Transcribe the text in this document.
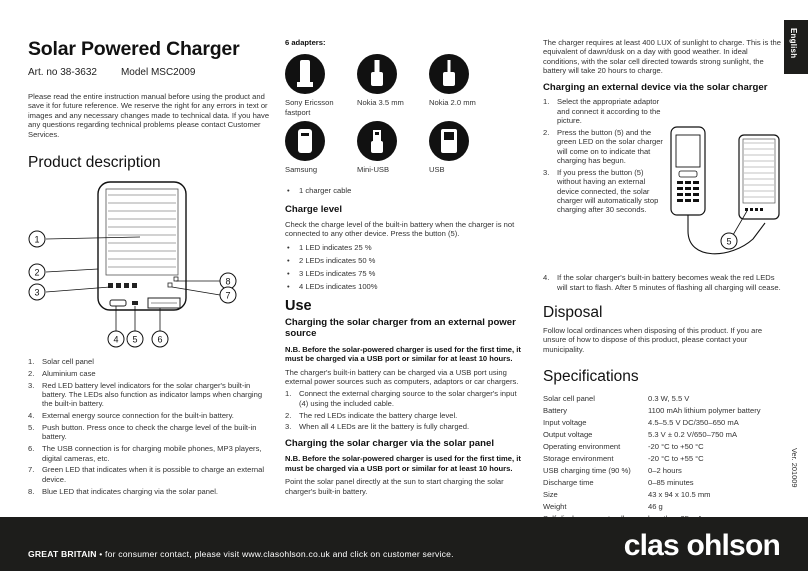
Solar Powered Charger
Art. no 38-3632 Model MSC2009
Please read the entire instruction manual before using the product and save it for future reference. We reserve the right for any errors in text or images and any necessary changes made to technical data. If you have any questions regarding technical problems please contact Customer Services.
Product description
1
2
3
4 5 6
7
8
1. Solar cell panel
2. Aluminium case
3. Red LED battery level indicators for the solar charger's built-in battery. The LEDs also function as indicator lamps when charging the built-in battery.
4. External energy source connection for the built-in battery.
5. Push button. Press once to check the charge level of the built-in battery.
6. The USB connection is for charging mobile phones, MP3 players, digital cameras, etc.
7. Green LED that indicates when it is possible to charge an external device.
8. Blue LED that indicates charging via the solar panel.
6 adapters:
Sony Ericsson fastport
Nokia 3.5 mm	Nokia 2.0 mm
Samsung	Mini-USB	USB
• 1 charger cable
Charge level
Check the charge level of the built-in battery when the charger is not connected to any other device. Press the button (5).
• 1 LED indicates 25 %
• 2 LEDs indicates 50 %
• 3 LEDs indicates 75 %
• 4 LEDs indicates 100%
Use
Charging the solar charger from an external power source
N.B. Before the solar-powered charger is used for the first time, it must be charged via a USB port or similar for at least 10 hours.
The charger's built-in battery can be charged via a USB port using external power sources such as computers, adaptors or car chargers.
1. Connect the external charging source to the solar charger's input (4) using the included cable.
2. The red LEDs indicate the battery charge level.
3. When all 4 LEDs are lit the battery is fully charged.
Charging the solar charger via the solar panel
N.B. Before the solar-powered charger is used for the first time, it must be charged via a USB port or similar for at least 10 hours.
Point the solar panel directly at the sun to start charging the solar charger's built-in battery.
The charger requires at least 400 LUX of sunlight to charge. This is the equivalent of dawn/dusk on a day with good weather. In ideal conditions, with the solar cell directed towards strong sunlight, the battery will take 20 hours to charge.
Charging an external device via the solar charger
1. Select the appropriate adaptor and connect it according to the picture.
2. Press the button (5) and the green LED on the solar charger will come on to indicate that charging has begun.
3. If you press the button (5) without having an external device connected, the solar charger will automatically stop charging after 30 seconds.
5
4. If the solar charger's built-in battery becomes weak the red LEDs will start to flash. After 5 minutes of flashing all charging will cease.
Disposal
Follow local ordinances when disposing of this product. If you are unsure of how to dispose of this product, please contact your municipality.
Specifications
Solar cell panel	0.3 W, 5.5 V
Battery	1100 mAh lithium polymer battery
Input voltage	4.5–5.5 V DC/350–650 mA
Output voltage	5.3 V ± 0.2 V/650–750 mA
Operating environment	-20 °C to +50 °C
Storage environment	-20 °C to +55 °C
USB charging time (90 %)	0–2 hours
Discharge time	0–85 minutes
Size	43 x 94 x 10.5 mm
Weight	46 g
English
Ver. 201009
GREAT BRITAIN • for consumer contact, please visit www.clasohlson.co.uk and click on customer service.	clas ohlson
